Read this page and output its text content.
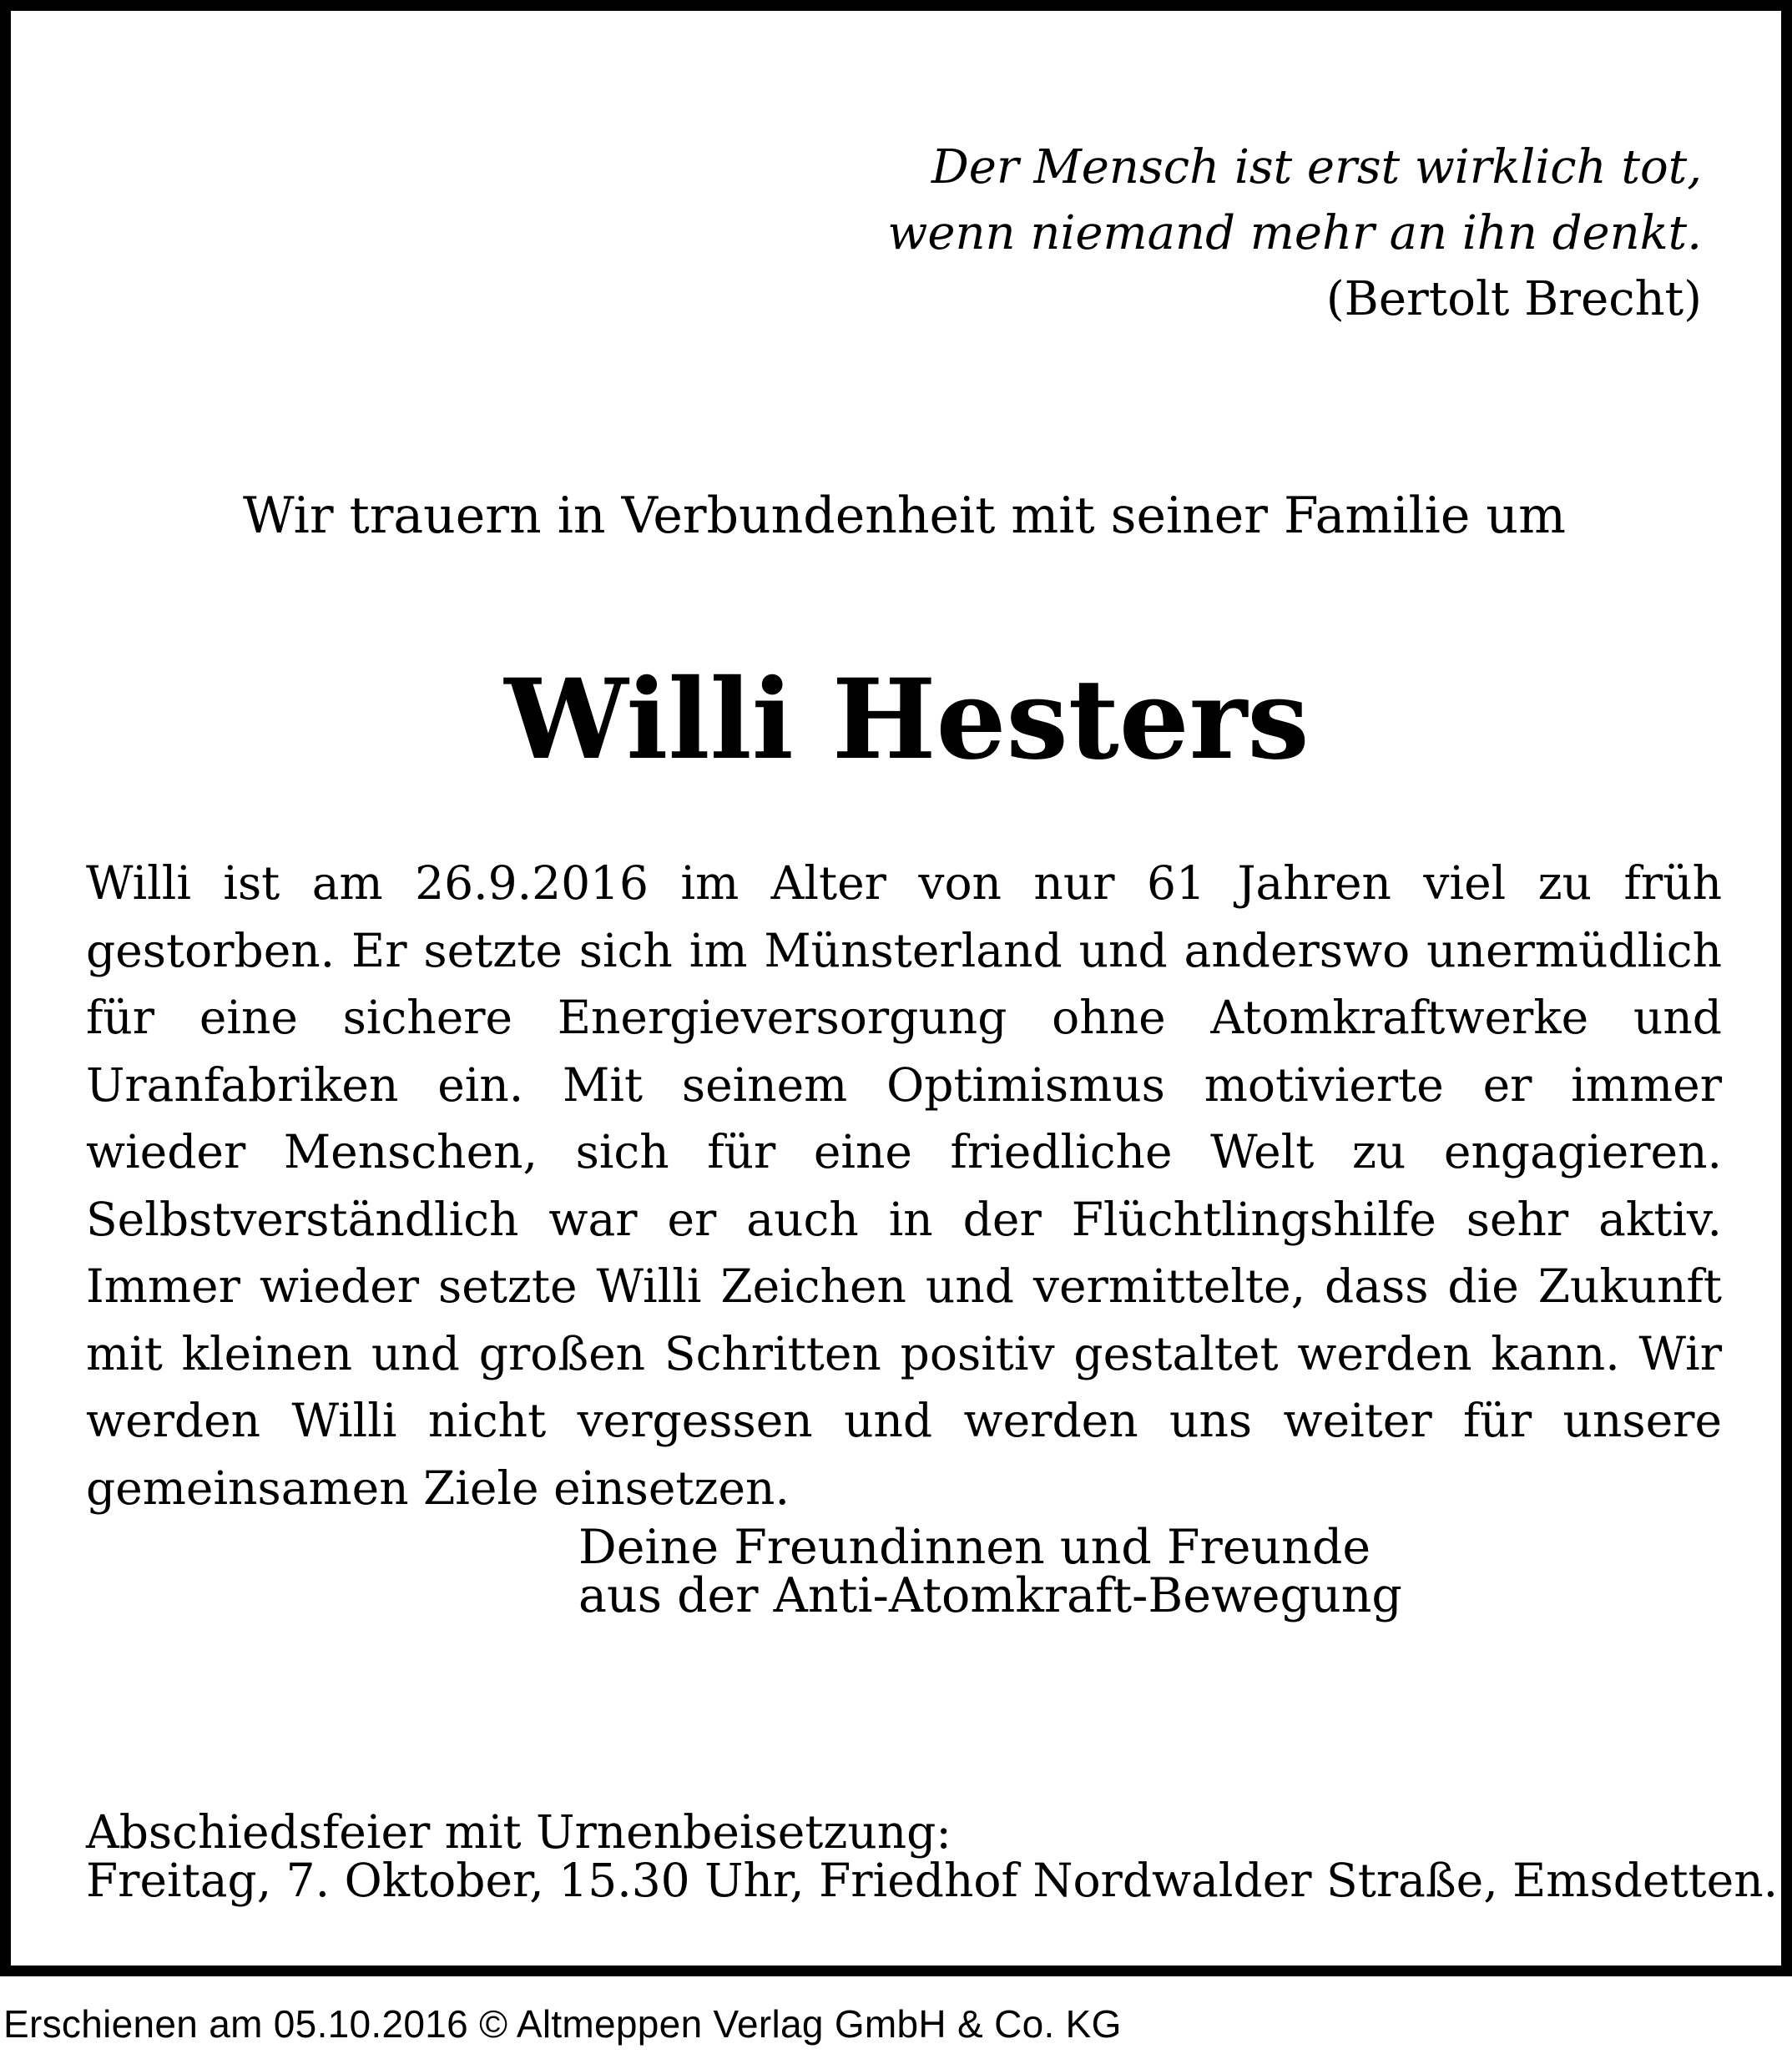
Der Mensch ist erst wirklich tot,
wenn niemand mehr an ihn denkt.
(Bertolt Brecht)
Wir trauern in Verbundenheit mit seiner Familie um
Willi Hesters
Willi ist am 26.9.2016 im Alter von nur 61 Jahren viel zu früh gestorben. Er setzte sich im Münsterland und anderswo unermüdlich für eine sichere Energieversorgung ohne Atomkraftwerke und Uranfabriken ein. Mit seinem Optimismus motivierte er immer wieder Menschen, sich für eine friedliche Welt zu engagieren. Selbstverständlich war er auch in der Flüchtlingshilfe sehr aktiv. Immer wieder setzte Willi Zeichen und vermittelte, dass die Zukunft mit kleinen und großen Schritten positiv gestaltet werden kann. Wir werden Willi nicht vergessen und werden uns weiter für unsere gemeinsamen Ziele einsetzen.
Deine Freundinnen und Freunde
aus der Anti-Atomkraft-Bewegung
Abschiedsfeier mit Urnenbeisetzung:
Freitag, 7. Oktober, 15.30 Uhr, Friedhof Nordwalder Straße, Emsdetten.
Erschienen am 05.10.2016 © Altmeppen Verlag GmbH & Co. KG
